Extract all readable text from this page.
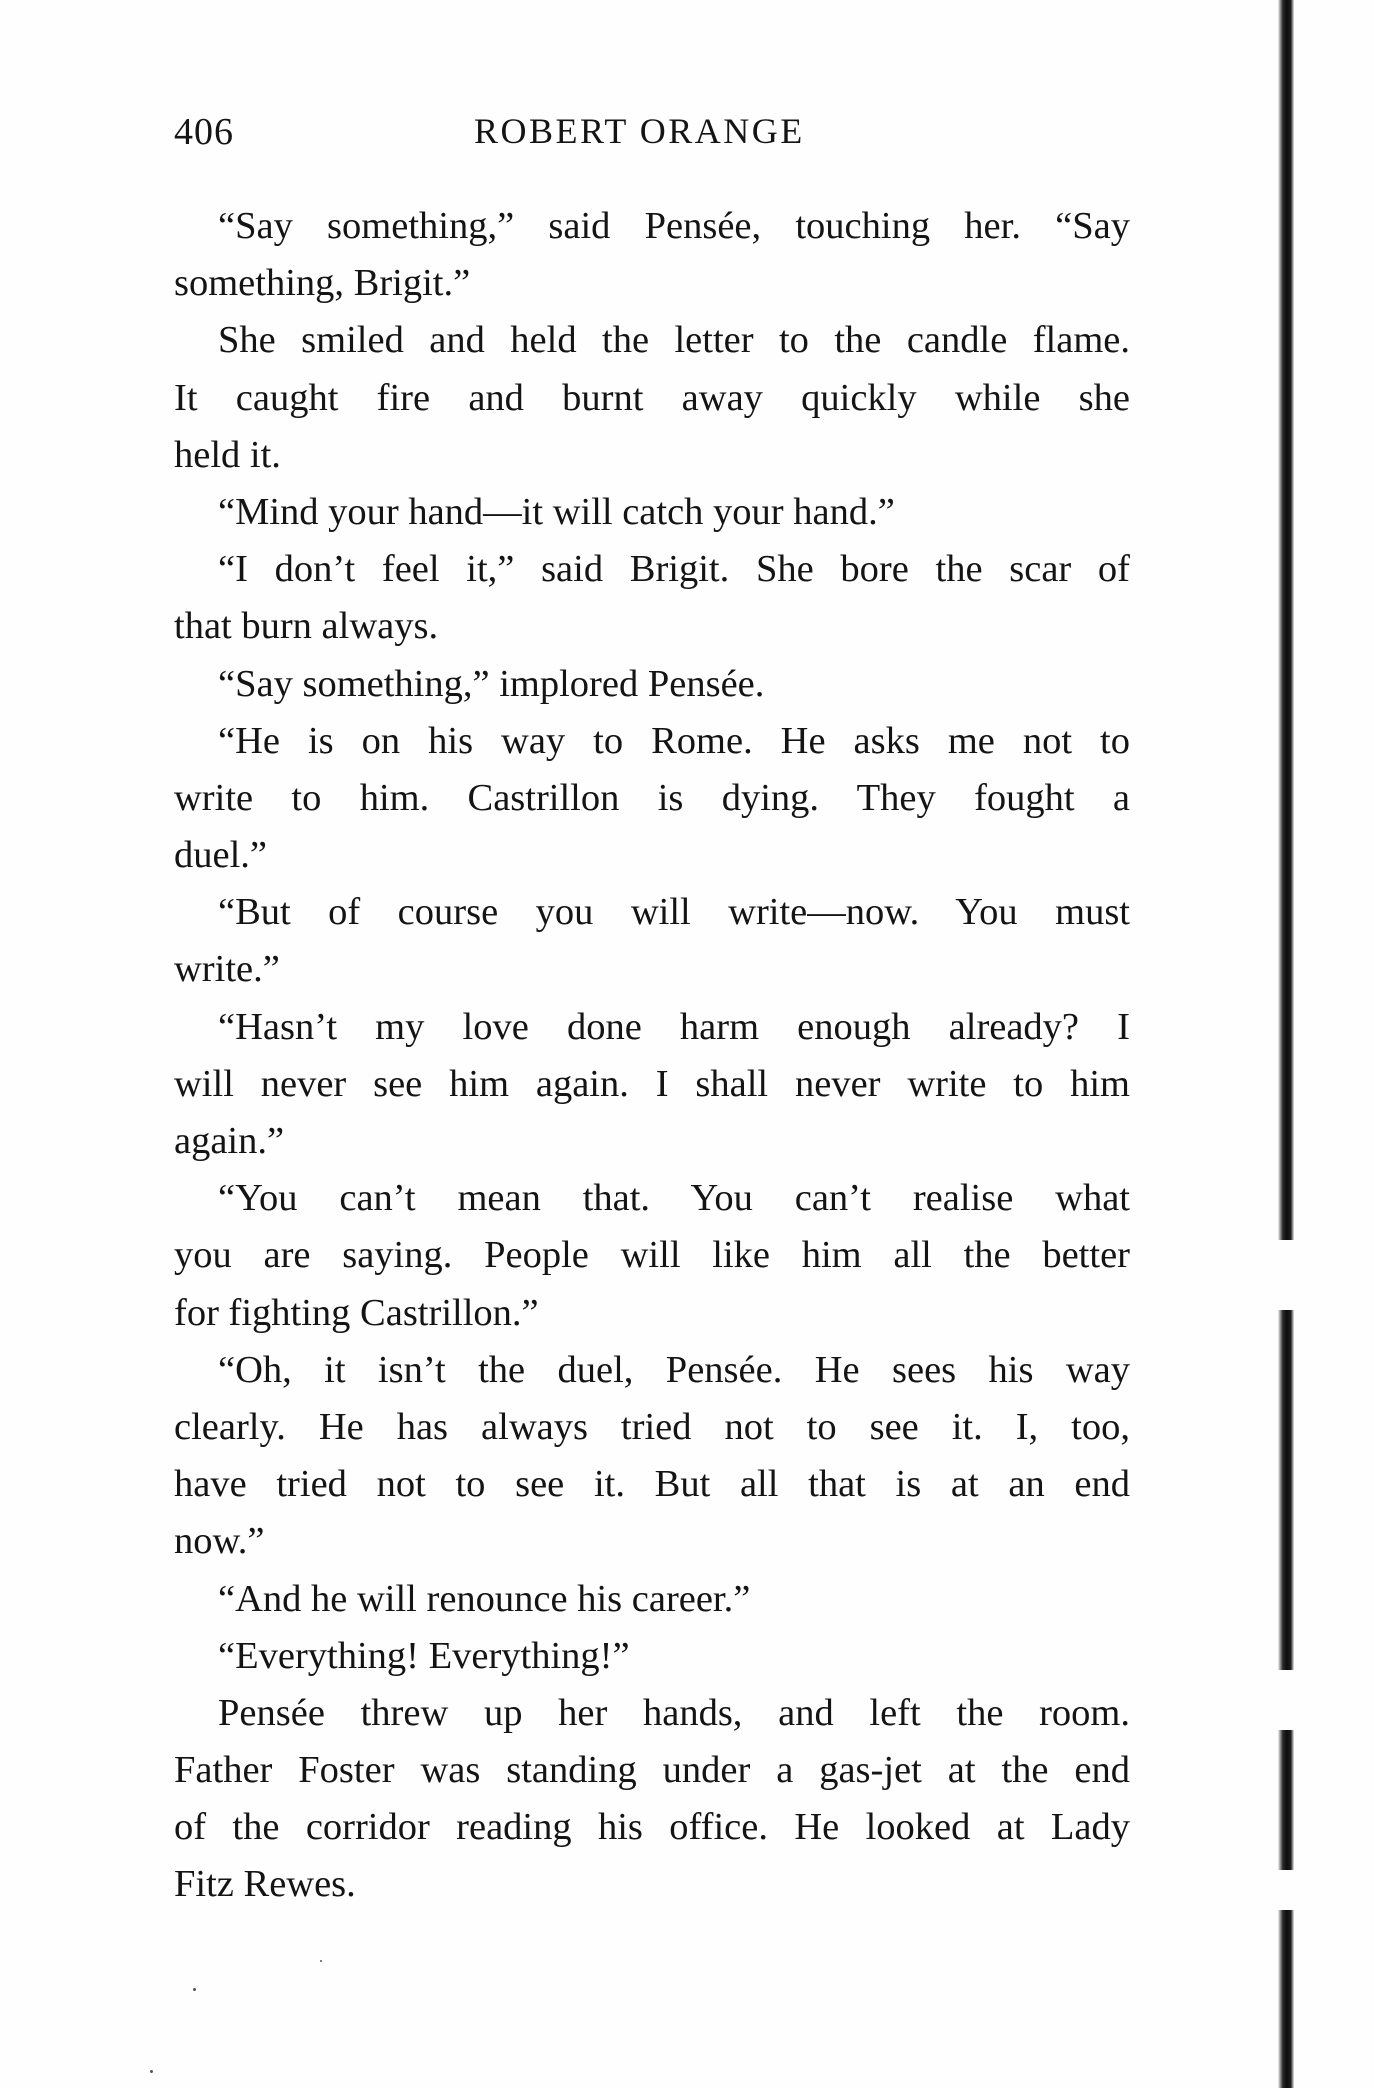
406	ROBERT ORANGE
“Say something,” said Pensée, touching her. “Say
something, Brigit.”
She smiled and held the letter to the candle flame.
It caught fire and burnt away quickly while she
held it.
“Mind your hand—it will catch your hand.”
“I don’t feel it,” said Brigit. She bore the scar of
that burn always.
“Say something,” implored Pensée.
“He is on his way to Rome. He asks me not to
write to him. Castrillon is dying. They fought a
duel.”
“But of course you will write—now. You must
write.”
“Hasn’t my love done harm enough already? I
will never see him again. I shall never write to him
again.”
“You can’t mean that. You can’t realise what
you are saying. People will like him all the better
for fighting Castrillon.”
“Oh, it isn’t the duel, Pensée. He sees his way
clearly. He has always tried not to see it. I, too,
have tried not to see it. But all that is at an end
now.”
“And he will renounce his career.”
“Everything! Everything!”
Pensée threw up her hands, and left the room.
Father Foster was standing under a gas-jet at the end
of the corridor reading his office. He looked at Lady
Fitz Rewes.
